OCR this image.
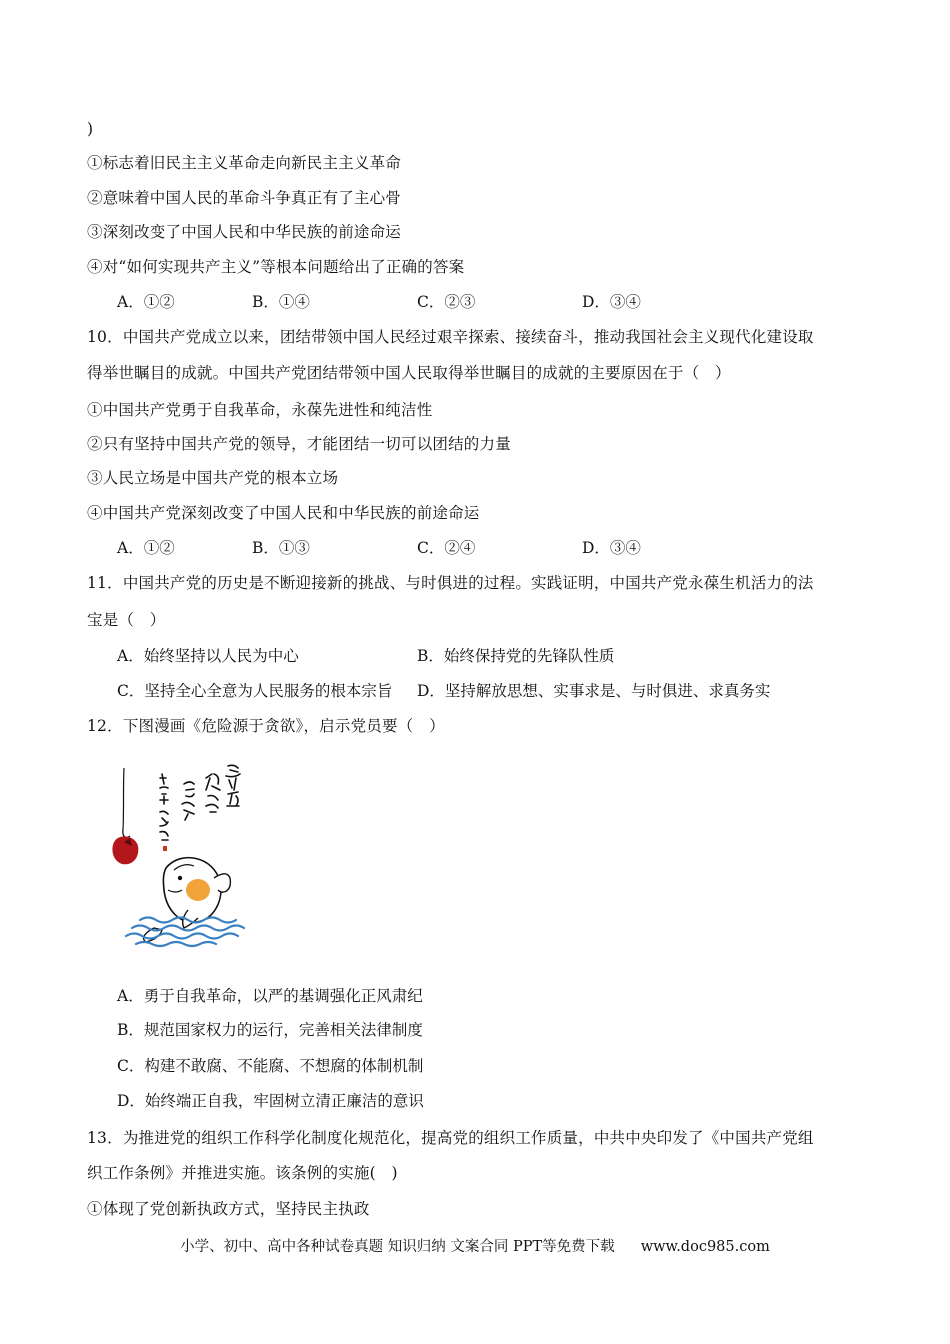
)
①标志着旧民主主义革命走向新民主主义革命
②意味着中国人民的革命斗争真正有了主心骨
③深刻改变了中国人民和中华民族的前途命运
④对“如何实现共产主义”等根本问题给出了正确的答案
A．①②	B．①④	C．②③	D．③④
10．中国共产党成立以来，团结带领中国人民经过艰辛探索、接续奋斗，推动我国社会主义现代化建设取
得举世瞩目的成就。中国共产党团结带领中国人民取得举世瞩目的成就的主要原因在于（　）
①中国共产党勇于自我革命，永葆先进性和纯洁性
②只有坚持中国共产党的领导，才能团结一切可以团结的力量
③人民立场是中国共产党的根本立场
④中国共产党深刻改变了中国人民和中华民族的前途命运
A．①②	B．①③	C．②④	D．③④
11．中国共产党的历史是不断迎接新的挑战、与时俱进的过程。实践证明，中国共产党永葆生机活力的法
宝是（　）
A．始终坚持以人民为中心	B．始终保持党的先锋队性质
C．坚持全心全意为人民服务的根本宗旨 D．坚持解放思想、实事求是、与时俱进、求真务实
12．下图漫画《危险源于贪欲》，启示党员要（　）
A．勇于自我革命，以严的基调强化正风肃纪
B．规范国家权力的运行，完善相关法律制度
C．构建不敢腐、不能腐、不想腐的体制机制
D．始终端正自我，牢固树立清正廉洁的意识
13．为推进党的组织工作科学化制度化规范化，提高党的组织工作质量，中共中央印发了《中国共产党组
织工作条例》并推进实施。该条例的实施(　)
①体现了党创新执政方式，坚持民主执政
小学、初中、高中各种试卷真题 知识归纳 文案合同 PPT等免费下载 www.doc985.com
